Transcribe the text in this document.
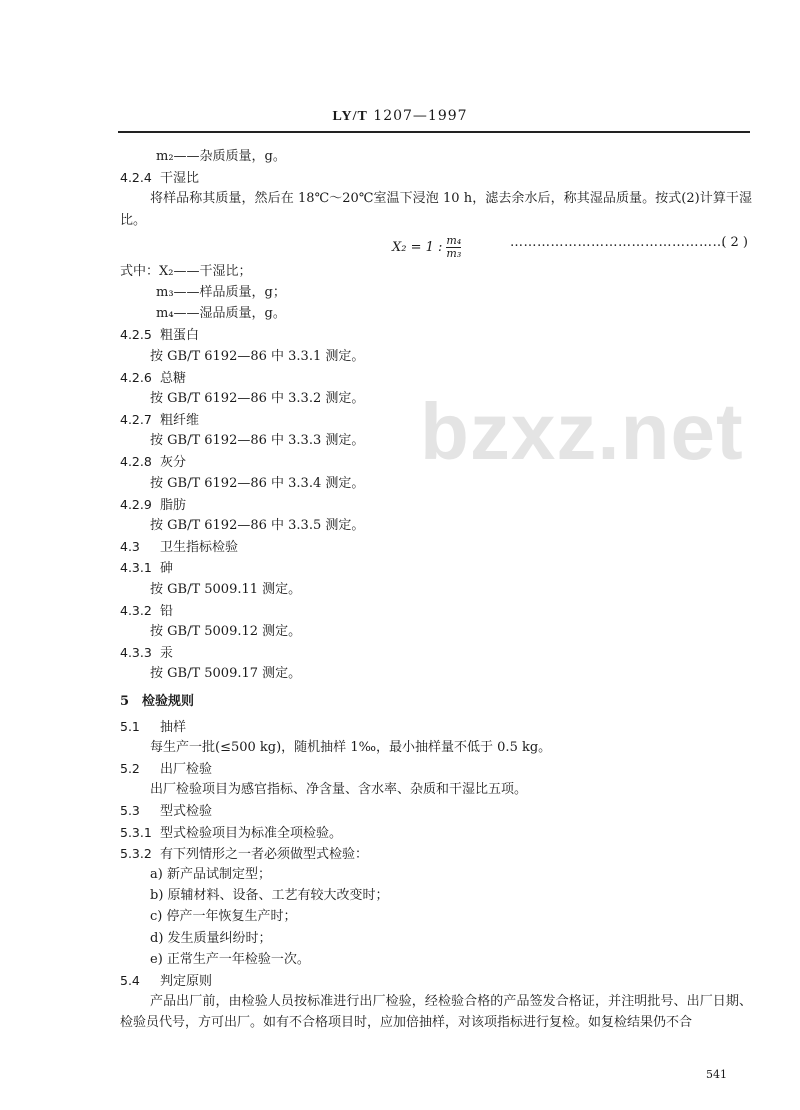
bzxz.net
LY/T 1207—1997
m₂——杂质质量，g。
4.2.4 干湿比
将样品称其质量，然后在 18℃～20℃室温下浸泡 10 h，滤去余水后，称其湿品质量。按式(2)计算干湿比。
X₂ = 1 : $\frac{\text{m₄}}{\text{m₃}}$	…………………………………………
( 2 )
式中：X₂——干湿比；
m₃——样品质量，g；
m₄——湿品质量，g。
4.2.5 粗蛋白
按 GB/T 6192—86 中 3.3.1 测定。
4.2.6 总糖
按 GB/T 6192—86 中 3.3.2 测定。
4.2.7 粗纤维
按 GB/T 6192—86 中 3.3.3 测定。
4.2.8 灰分
按 GB/T 6192—86 中 3.3.4 测定。
4.2.9 脂肪
按 GB/T 6192—86 中 3.3.5 测定。
4.3 卫生指标检验
4.3.1 砷
按 GB/T 5009.11 测定。
4.3.2 铅
按 GB/T 5009.12 测定。
4.3.3 汞
按 GB/T 5009.17 测定。
5 检验规则
5.1 抽样
每生产一批(≤500 kg)，随机抽样 1‰，最小抽样量不低于 0.5 kg。
5.2 出厂检验
出厂检验项目为感官指标、净含量、含水率、杂质和干湿比五项。
5.3 型式检验
5.3.1 型式检验项目为标准全项检验。
5.3.2 有下列情形之一者必须做型式检验：
a) 新产品试制定型；
b) 原辅材料、设备、工艺有较大改变时；
c) 停产一年恢复生产时；
d) 发生质量纠纷时；
e) 正常生产一年检验一次。
5.4 判定原则
产品出厂前，由检验人员按标准进行出厂检验，经检验合格的产品签发合格证，并注明批号、出厂日期、检验员代号，方可出厂。如有不合格项目时，应加倍抽样，对该项指标进行复检。如复检结果仍不合
541
